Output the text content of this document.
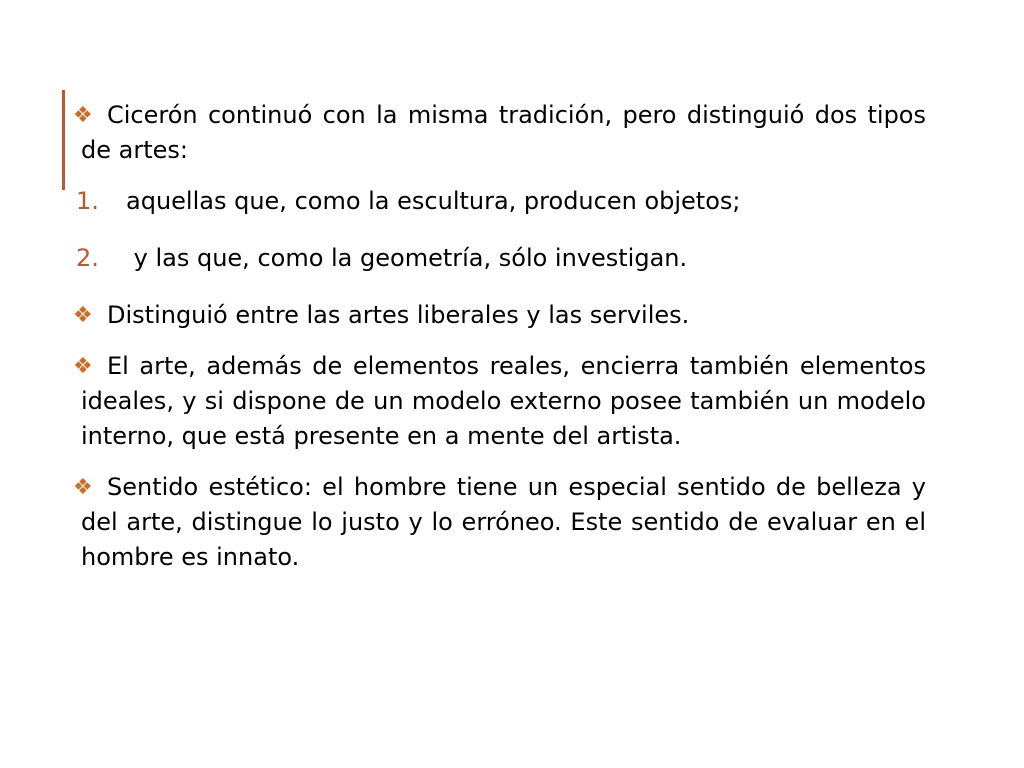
❖ Cicerón continuó con la misma tradición, pero distinguió dos tipos de artes:
1. aquellas que, como la escultura, producen objetos;
2. y las que, como la geometría, sólo investigan.
❖ Distinguió entre las artes liberales y las serviles.
❖ El arte, además de elementos reales, encierra también elementos ideales, y si dispone de un modelo externo posee también un modelo interno, que está presente en a mente del artista.
❖ Sentido estético: el hombre tiene un especial sentido de belleza y del arte, distingue lo justo y lo erróneo. Este sentido de evaluar en el hombre es innato.
